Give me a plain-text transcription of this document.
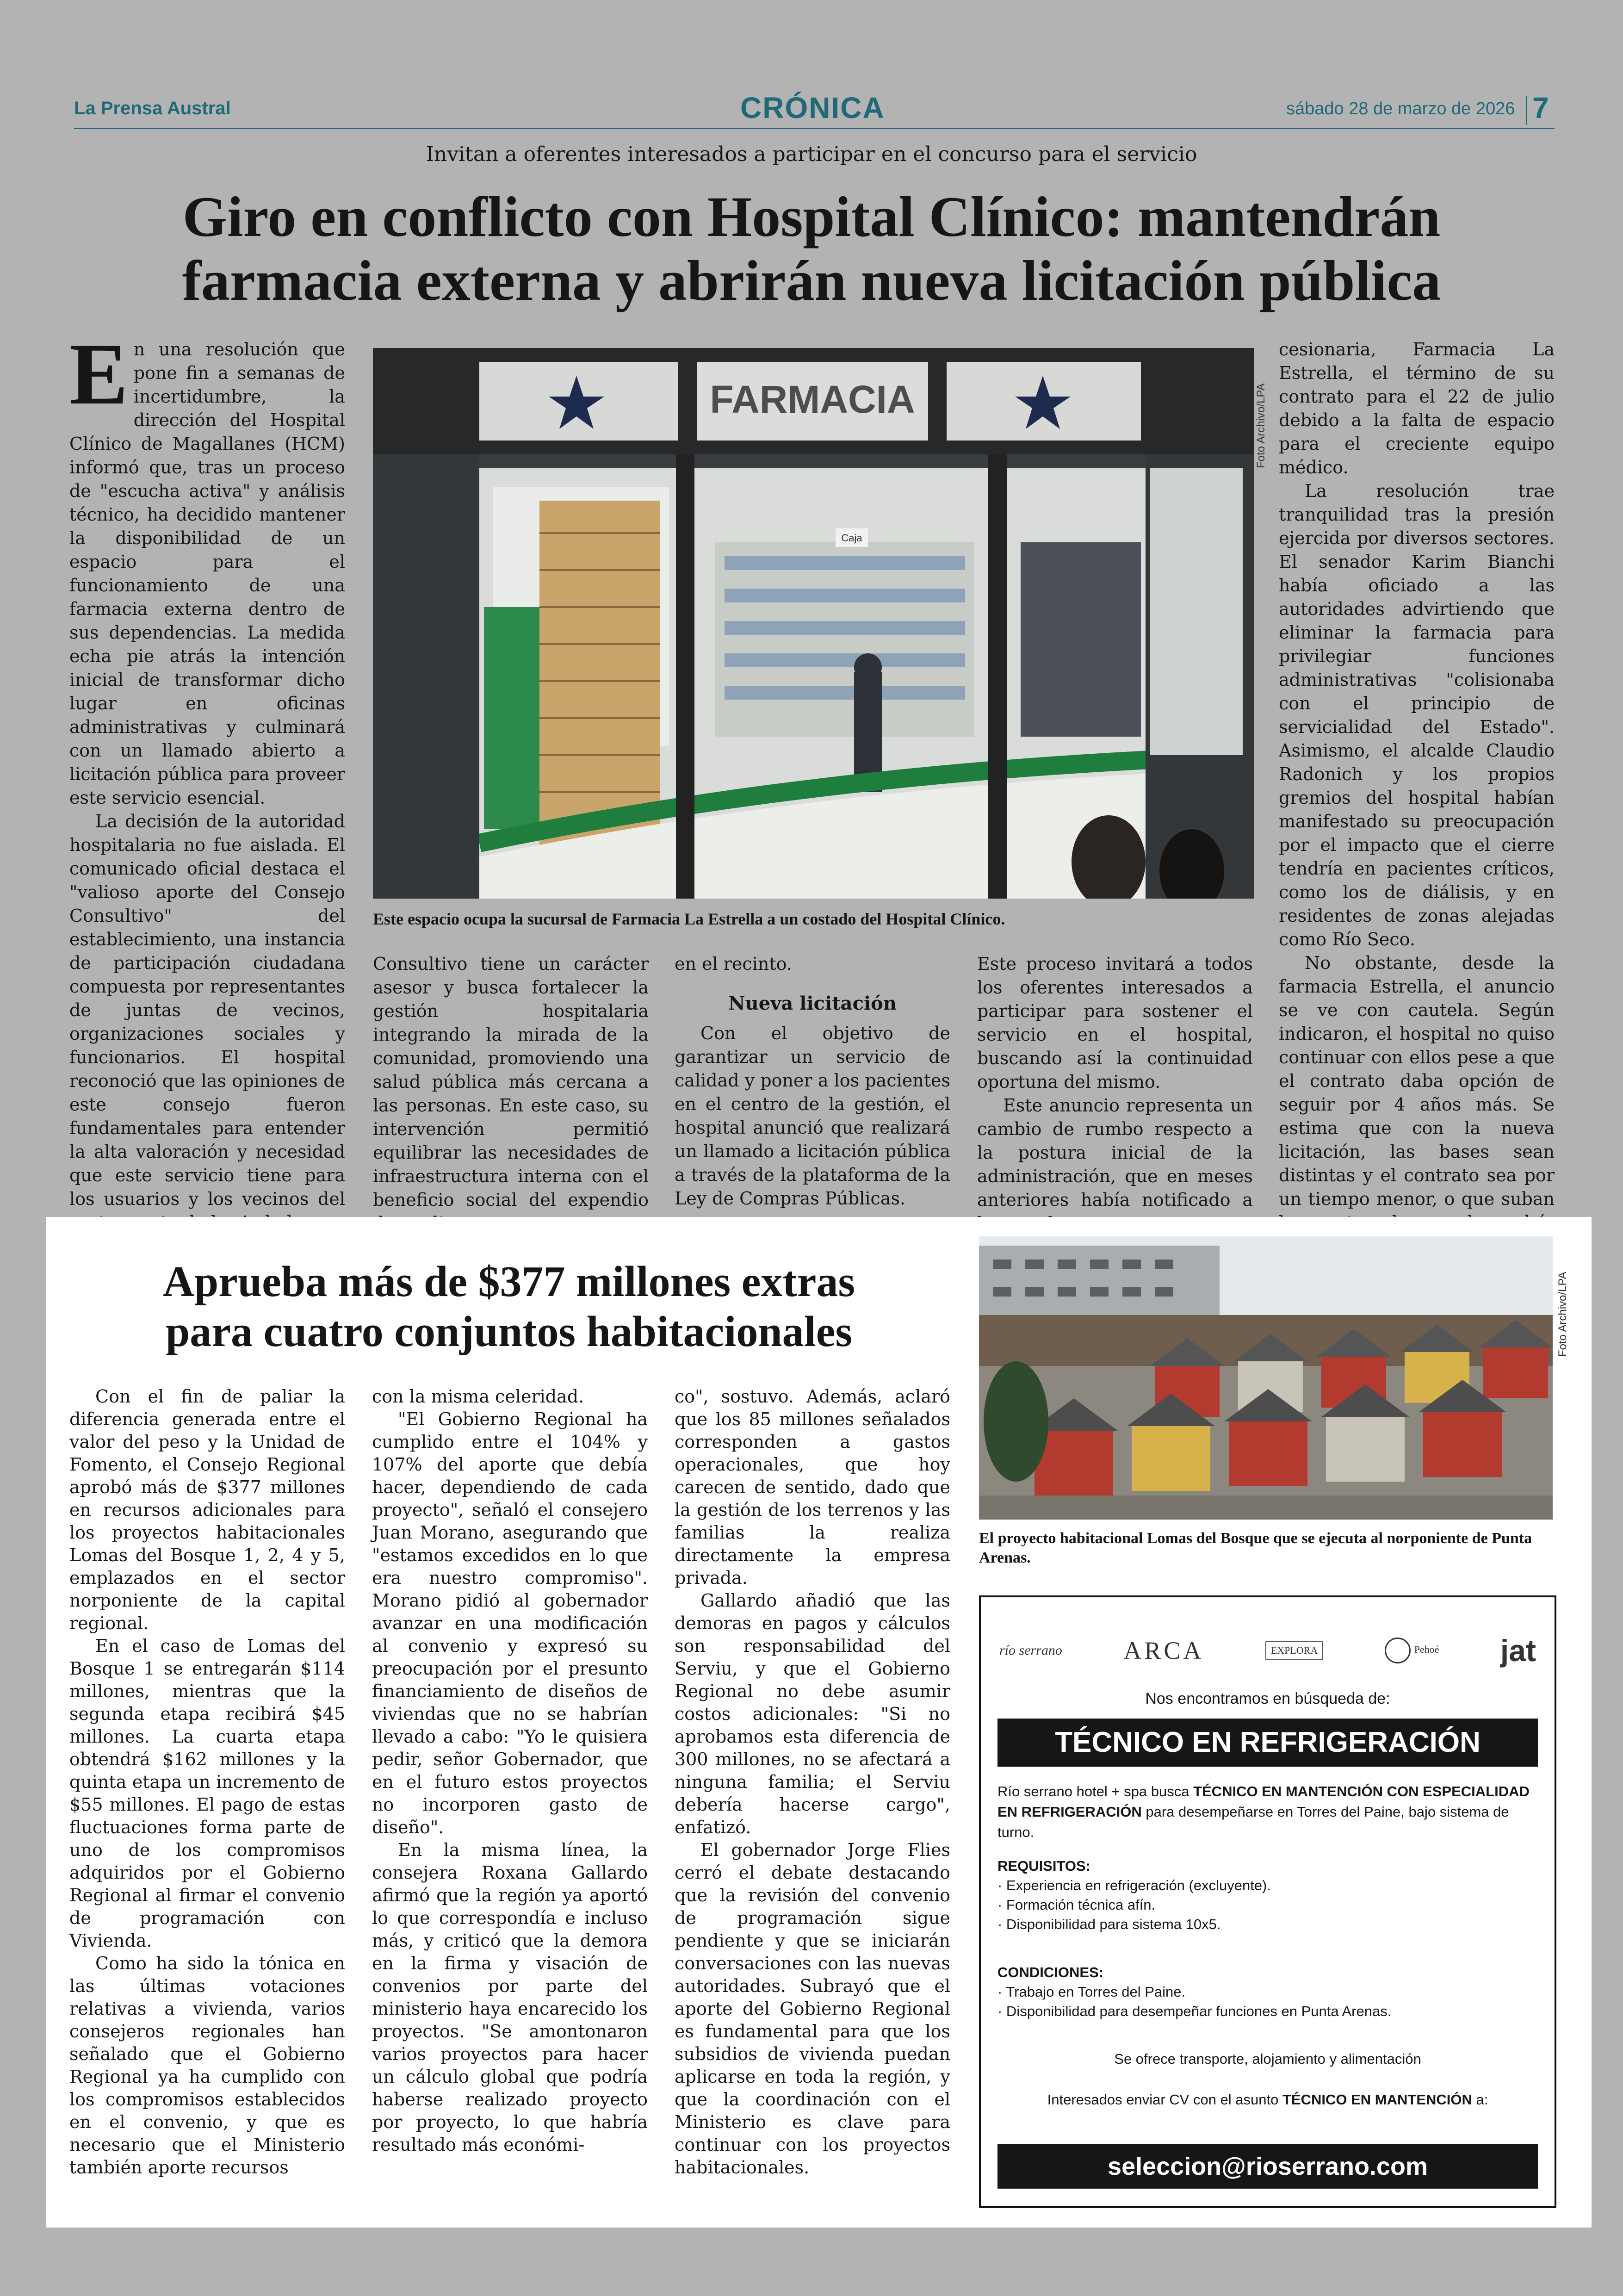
La Prensa Austral	CRÓNICA	sábado 28 de marzo de 2026 7
Invitan a oferentes interesados a participar en el concurso para el servicio
Giro en conflicto con Hospital Clínico: mantendrán
farmacia externa y abrirán nueva licitación pública

En una resolución que pone fin a semanas de incertidumbre, la dirección del Hospital Clínico de Magallanes (HCM) informó que, tras un proceso de "escucha activa" y análisis técnico, ha decidido mantener la disponibilidad de un espacio para el funcionamiento de una farmacia externa dentro de sus dependencias. La medida echa pie atrás la intención inicial de transformar dicho lugar en oficinas administrativas y culminará con un llamado abierto a licitación pública para proveer este servicio esencial.

La decisión de la autoridad hospitalaria no fue aislada. El comunicado oficial destaca el "valioso aporte del Consejo Consultivo" del establecimiento, una instancia de participación ciudadana compuesta por representantes de juntas de vecinos, organizaciones sociales y funcionarios. El hospital reconoció que las opiniones de este consejo fueron fundamentales para entender la alta valoración y necesidad que este servicio tiene para los usuarios y los vecinos del

FARMACIA
Caja
Foto Archivo/LPA
Este espacio ocupa la sucursal de Farmacia La Estrella a un costado del Hospital Clínico.

Consultivo tiene un carácter asesor y busca fortalecer la gestión hospitalaria integrando la mirada de la comunidad, promoviendo una salud pública más cercana a las personas. En este caso, su intervención permitió equilibrar las necesidades de infraestructura interna con el beneficio social del expendio

en el recinto.

Nueva licitación

Con el objetivo de garantizar un servicio de calidad y poner a los pacientes en el centro de la gestión, el hospital anunció que realizará un llamado a licitación pública a través de la plataforma de la Ley de Compras Públicas.

Este proceso invitará a todos los oferentes interesados a participar para sostener el servicio en el hospital, buscando así la continuidad oportuna del mismo.

Este anuncio representa un cambio de rumbo respecto a la postura inicial de la administración, que en meses anteriores había notificado a

cesionaria, Farmacia La Estrella, el término de su contrato para el 22 de julio debido a la falta de espacio para el creciente equipo médico.

La resolución trae tranquilidad tras la presión ejercida por diversos sectores. El senador Karim Bianchi había oficiado a las autoridades advirtiendo que eliminar la farmacia para privilegiar funciones administrativas "colisionaba con el principio de servicialidad del Estado". Asimismo, el alcalde Claudio Radonich y los propios gremios del hospital habían manifestado su preocupación por el impacto que el cierre tendría en pacientes críticos, como los de diálisis, y en residentes de zonas alejadas como Río Seco.

No obstante, desde la farmacia Estrella, el anuncio se ve con cautela. Según indicaron, el hospital no quiso continuar con ellos pese a que el contrato daba opción de seguir por 4 años más. Se estima que con la nueva licitación, las bases sean distintas y el contrato sea por un tiempo menor, o que suban

Aprueba más de $377 millones extras
para cuatro conjuntos habitacionales

Con el fin de paliar la diferencia generada entre el valor del peso y la Unidad de Fomento, el Consejo Regional aprobó más de $377 millones en recursos adicionales para los proyectos habitacionales Lomas del Bosque 1, 2, 4 y 5, emplazados en el sector norponiente de la capital regional.

En el caso de Lomas del Bosque 1 se entregarán $114 millones, mientras que la segunda etapa recibirá $45 millones. La cuarta etapa obtendrá $162 millones y la quinta etapa un incremento de $55 millones. El pago de estas fluctuaciones forma parte de uno de los compromisos adquiridos por el Gobierno Regional al firmar el convenio de programación con Vivienda.

Como ha sido la tónica en las últimas votaciones relativas a vivienda, varios consejeros regionales han señalado que el Gobierno Regional ya ha cumplido con los compromisos establecidos en el convenio, y que es necesario que el Ministerio también aporte recursos

con la misma celeridad.

"El Gobierno Regional ha cumplido entre el 104% y 107% del aporte que debía hacer, dependiendo de cada proyecto", señaló el consejero Juan Morano, asegurando que "estamos excedidos en lo que era nuestro compromiso". Morano pidió al gobernador avanzar en una modificación al convenio y expresó su preocupación por el presunto financiamiento de diseños de viviendas que no se habrían llevado a cabo: "Yo le quisiera pedir, señor Gobernador, que en el futuro estos proyectos no incorporen gasto de diseño".

En la misma línea, la consejera Roxana Gallardo afirmó que la región ya aportó lo que correspondía e incluso más, y criticó que la demora en la firma y visación de convenios por parte del ministerio haya encarecido los proyectos. "Se amontonaron varios proyectos para hacer un cálculo global que podría haberse realizado proyecto por proyecto, lo que habría resultado más económi-

co", sostuvo. Además, aclaró que los 85 millones señalados corresponden a gastos operacionales, que hoy carecen de sentido, dado que la gestión de los terrenos y las familias la realiza directamente la empresa privada.

Gallardo añadió que las demoras en pagos y cálculos son responsabilidad del Serviu, y que el Gobierno Regional no debe asumir costos adicionales: "Si no aprobamos esta diferencia de 300 millones, no se afectará a ninguna familia; el Serviu debería hacerse cargo", enfatizó.

El gobernador Jorge Flies cerró el debate destacando que la revisión del convenio de programación sigue pendiente y que se iniciarán conversaciones con las nuevas autoridades. Subrayó que el aporte del Gobierno Regional es fundamental para que los subsidios de vivienda puedan aplicarse en toda la región, y que la coordinación con el Ministerio es clave para continuar con los proyectos habitacionales.

Foto Archivo/LPA
El proyecto habitacional Lomas del Bosque que se ejecuta al norponiente de Punta Arenas.
río serrano ARCA	EXPLORA	Pehoé jat
Nos encontramos en búsqueda de:
TÉCNICO EN REFRIGERACIÓN
Río serrano hotel + spa busca TÉCNICO EN MANTENCIÓN CON ESPECIALIDAD EN REFRIGERACIÓN para desempeñarse en Torres del Paine, bajo sistema de turno.
REQUISITOS:
· Experiencia en refrigeración (excluyente).
· Formación técnica afín.
· Disponibilidad para sistema 10x5.
CONDICIONES:
· Trabajo en Torres del Paine.
· Disponibilidad para desempeñar funciones en Punta Arenas.
Se ofrece transporte, alojamiento y alimentación
Interesados enviar CV con el asunto TÉCNICO EN MANTENCIÓN a:
seleccion@rioserrano.com
